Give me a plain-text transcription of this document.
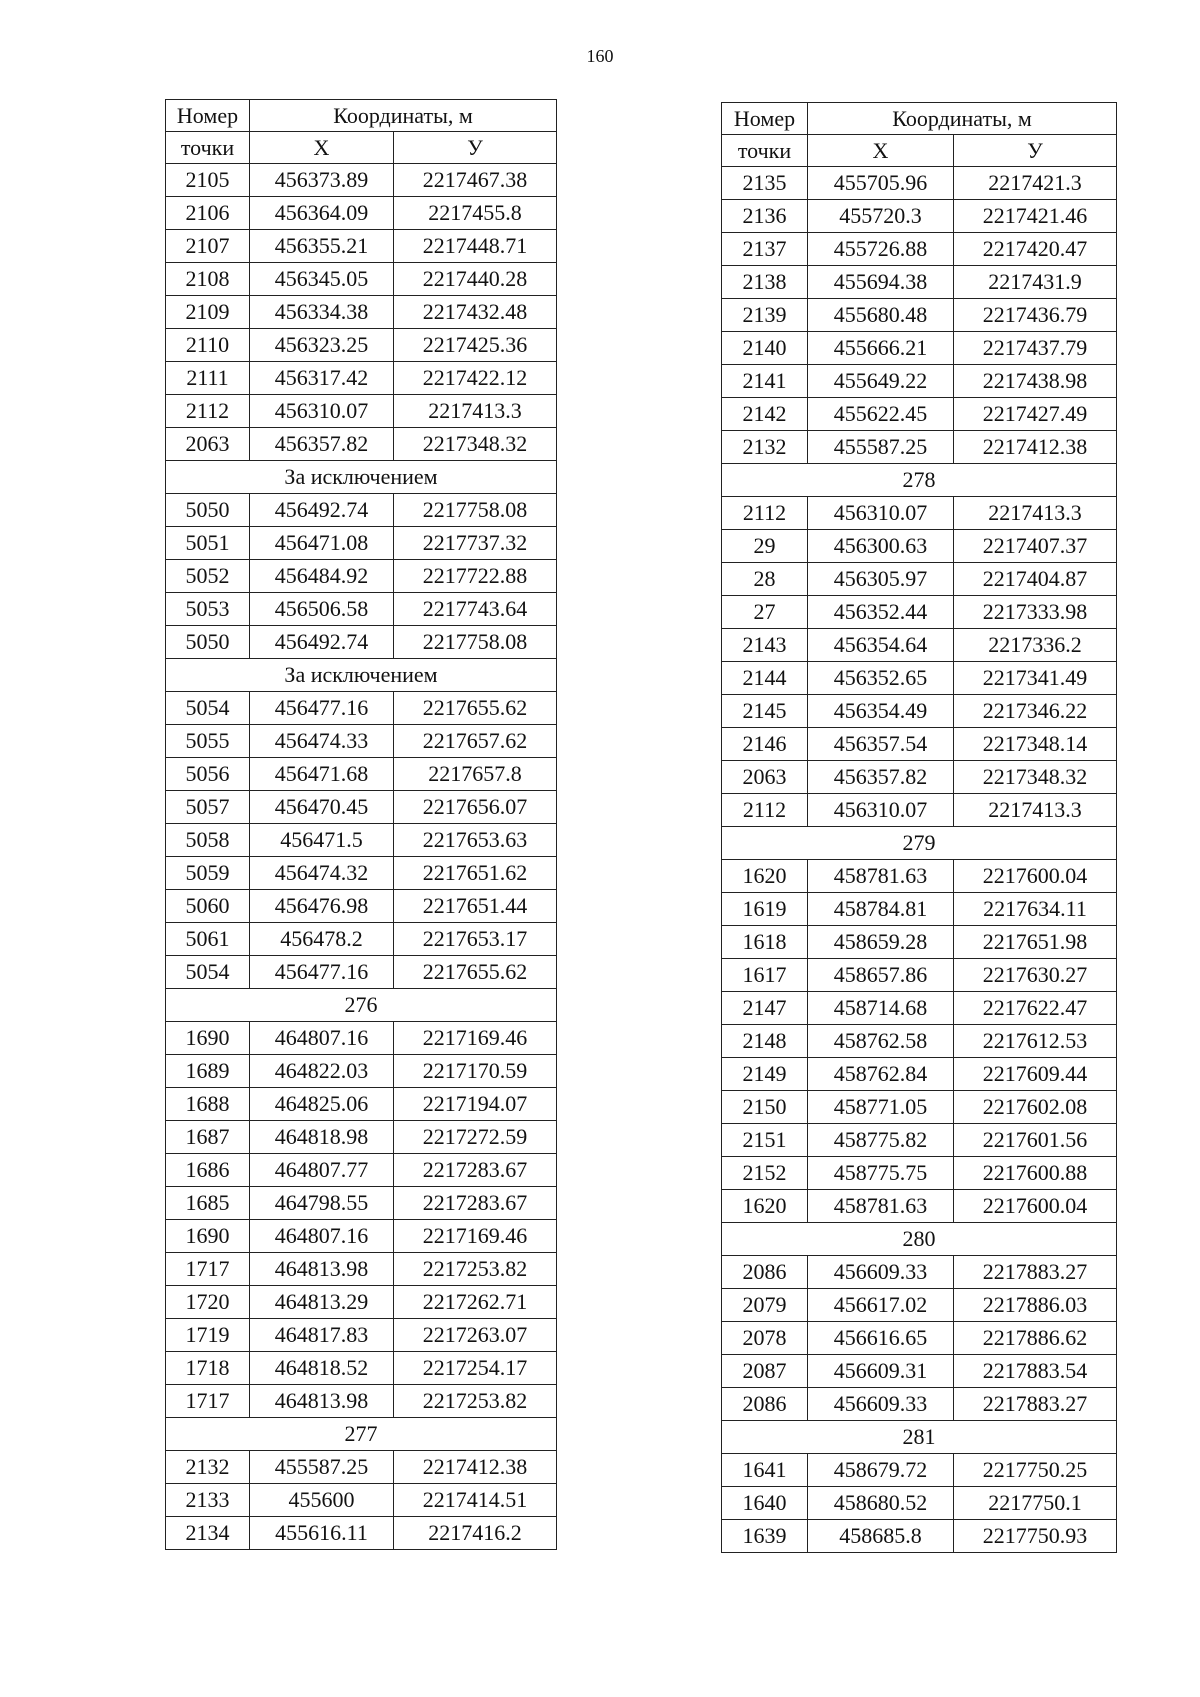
160
Номер	Координаты, м	
точки	X	У
2105	456373.89	2217467.38
2106	456364.09	2217455.8
2107	456355.21	2217448.71
2108	456345.05	2217440.28
2109	456334.38	2217432.48
2110	456323.25	2217425.36
2111	456317.42	2217422.12
2112	456310.07	2217413.3
2063	456357.82	2217348.32
За исключением		
5050	456492.74	2217758.08
5051	456471.08	2217737.32
5052	456484.92	2217722.88
5053	456506.58	2217743.64
5050	456492.74	2217758.08
За исключением		
5054	456477.16	2217655.62
5055	456474.33	2217657.62
5056	456471.68	2217657.8
5057	456470.45	2217656.07
5058	456471.5	2217653.63
5059	456474.32	2217651.62
5060	456476.98	2217651.44
5061	456478.2	2217653.17
5054	456477.16	2217655.62
276		
1690	464807.16	2217169.46
1689	464822.03	2217170.59
1688	464825.06	2217194.07
1687	464818.98	2217272.59
1686	464807.77	2217283.67
1685	464798.55	2217283.67
1690	464807.16	2217169.46
1717	464813.98	2217253.82
1720	464813.29	2217262.71
1719	464817.83	2217263.07
1718	464818.52	2217254.17
1717	464813.98	2217253.82
277		
2132	455587.25	2217412.38
2133	455600	2217414.51
2134	455616.11	2217416.2
Номер	Координаты, м	
точки	X	У
2135	455705.96	2217421.3
2136	455720.3	2217421.46
2137	455726.88	2217420.47
2138	455694.38	2217431.9
2139	455680.48	2217436.79
2140	455666.21	2217437.79
2141	455649.22	2217438.98
2142	455622.45	2217427.49
2132	455587.25	2217412.38
278		
2112	456310.07	2217413.3
29	456300.63	2217407.37
28	456305.97	2217404.87
27	456352.44	2217333.98
2143	456354.64	2217336.2
2144	456352.65	2217341.49
2145	456354.49	2217346.22
2146	456357.54	2217348.14
2063	456357.82	2217348.32
2112	456310.07	2217413.3
279		
1620	458781.63	2217600.04
1619	458784.81	2217634.11
1618	458659.28	2217651.98
1617	458657.86	2217630.27
2147	458714.68	2217622.47
2148	458762.58	2217612.53
2149	458762.84	2217609.44
2150	458771.05	2217602.08
2151	458775.82	2217601.56
2152	458775.75	2217600.88
1620	458781.63	2217600.04
280		
2086	456609.33	2217883.27
2079	456617.02	2217886.03
2078	456616.65	2217886.62
2087	456609.31	2217883.54
2086	456609.33	2217883.27
281		
1641	458679.72	2217750.25
1640	458680.52	2217750.1
1639	458685.8	2217750.93
